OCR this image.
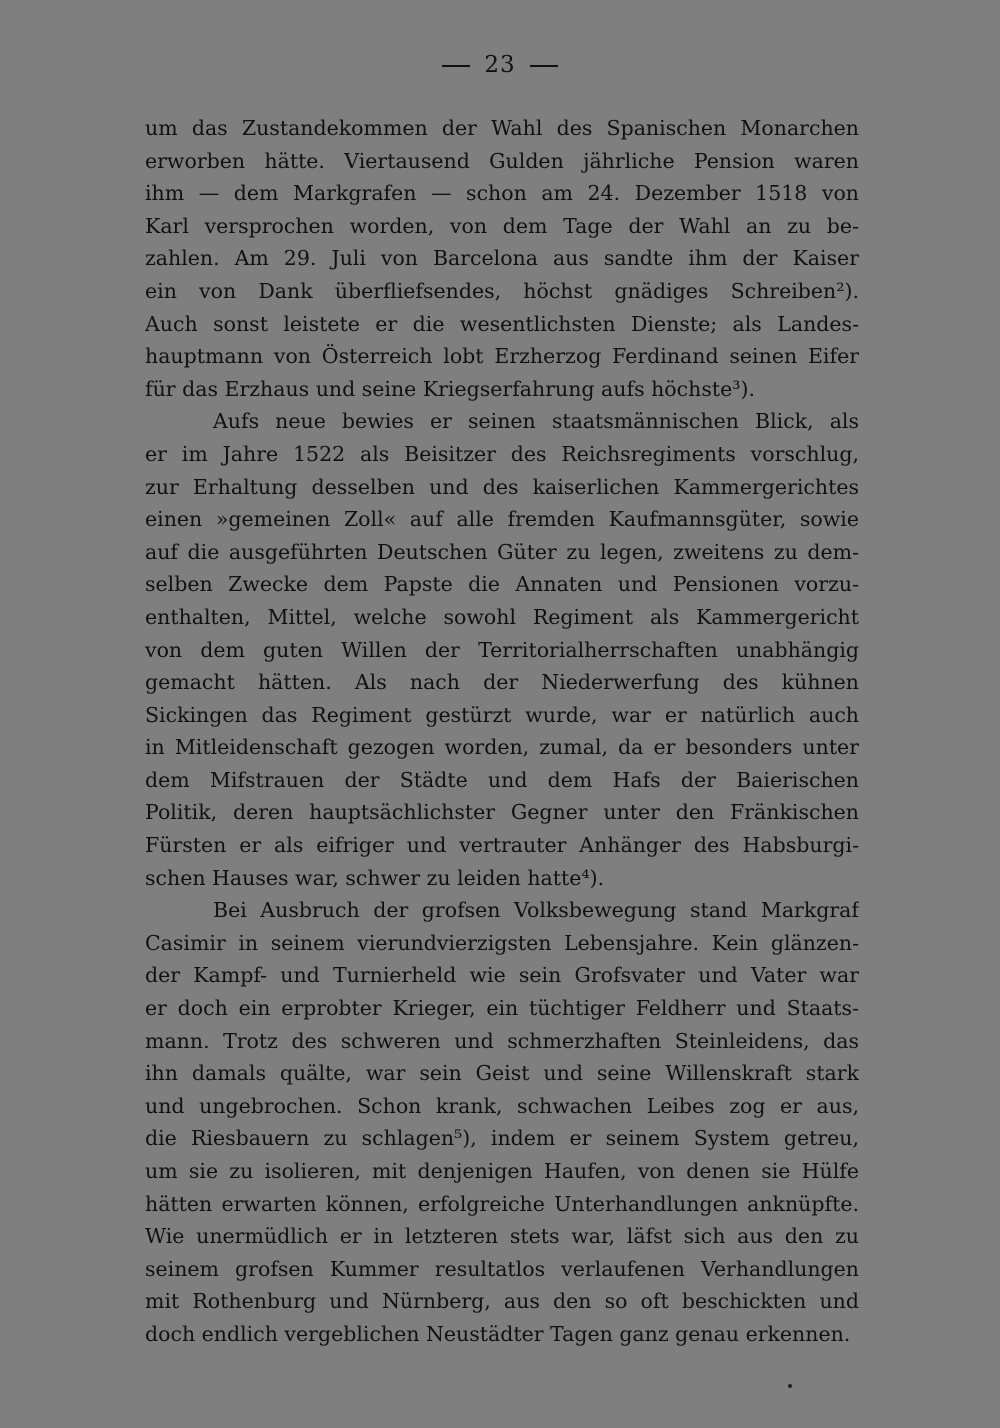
23
um das Zustandekommen der Wahl des Spanischen Monarchen
erworben hätte. Viertausend Gulden jährliche Pension waren
ihm — dem Markgrafen — schon am 24. Dezember 1518 von
Karl versprochen worden, von dem Tage der Wahl an zu be-
zahlen. Am 29. Juli von Barcelona aus sandte ihm der Kaiser
ein von Dank überfliefsendes, höchst gnädiges Schreiben²).
Auch sonst leistete er die wesentlichsten Dienste; als Landes-
hauptmann von Österreich lobt Erzherzog Ferdinand seinen Eifer
für das Erzhaus und seine Kriegserfahrung aufs höchste³).
Aufs neue bewies er seinen staatsmännischen Blick, als
er im Jahre 1522 als Beisitzer des Reichsregiments vorschlug,
zur Erhaltung desselben und des kaiserlichen Kammergerichtes
einen »gemeinen Zoll« auf alle fremden Kaufmannsgüter, sowie
auf die ausgeführten Deutschen Güter zu legen, zweitens zu dem-
selben Zwecke dem Papste die Annaten und Pensionen vorzu-
enthalten, Mittel, welche sowohl Regiment als Kammergericht
von dem guten Willen der Territorialherrschaften unabhängig
gemacht hätten. Als nach der Niederwerfung des kühnen
Sickingen das Regiment gestürzt wurde, war er natürlich auch
in Mitleidenschaft gezogen worden, zumal, da er besonders unter
dem Mifstrauen der Städte und dem Hafs der Baierischen
Politik, deren hauptsächlichster Gegner unter den Fränkischen
Fürsten er als eifriger und vertrauter Anhänger des Habsburgi-
schen Hauses war, schwer zu leiden hatte⁴).
Bei Ausbruch der grofsen Volksbewegung stand Markgraf
Casimir in seinem vierundvierzigsten Lebensjahre. Kein glänzen-
der Kampf- und Turnierheld wie sein Grofsvater und Vater war
er doch ein erprobter Krieger, ein tüchtiger Feldherr und Staats-
mann. Trotz des schweren und schmerzhaften Steinleidens, das
ihn damals quälte, war sein Geist und seine Willenskraft stark
und ungebrochen. Schon krank, schwachen Leibes zog er aus,
die Riesbauern zu schlagen⁵), indem er seinem System getreu,
um sie zu isolieren, mit denjenigen Haufen, von denen sie Hülfe
hätten erwarten können, erfolgreiche Unterhandlungen anknüpfte.
Wie unermüdlich er in letzteren stets war, läfst sich aus den zu
seinem grofsen Kummer resultatlos verlaufenen Verhandlungen
mit Rothenburg und Nürnberg, aus den so oft beschickten und
doch endlich vergeblichen Neustädter Tagen ganz genau erkennen.
